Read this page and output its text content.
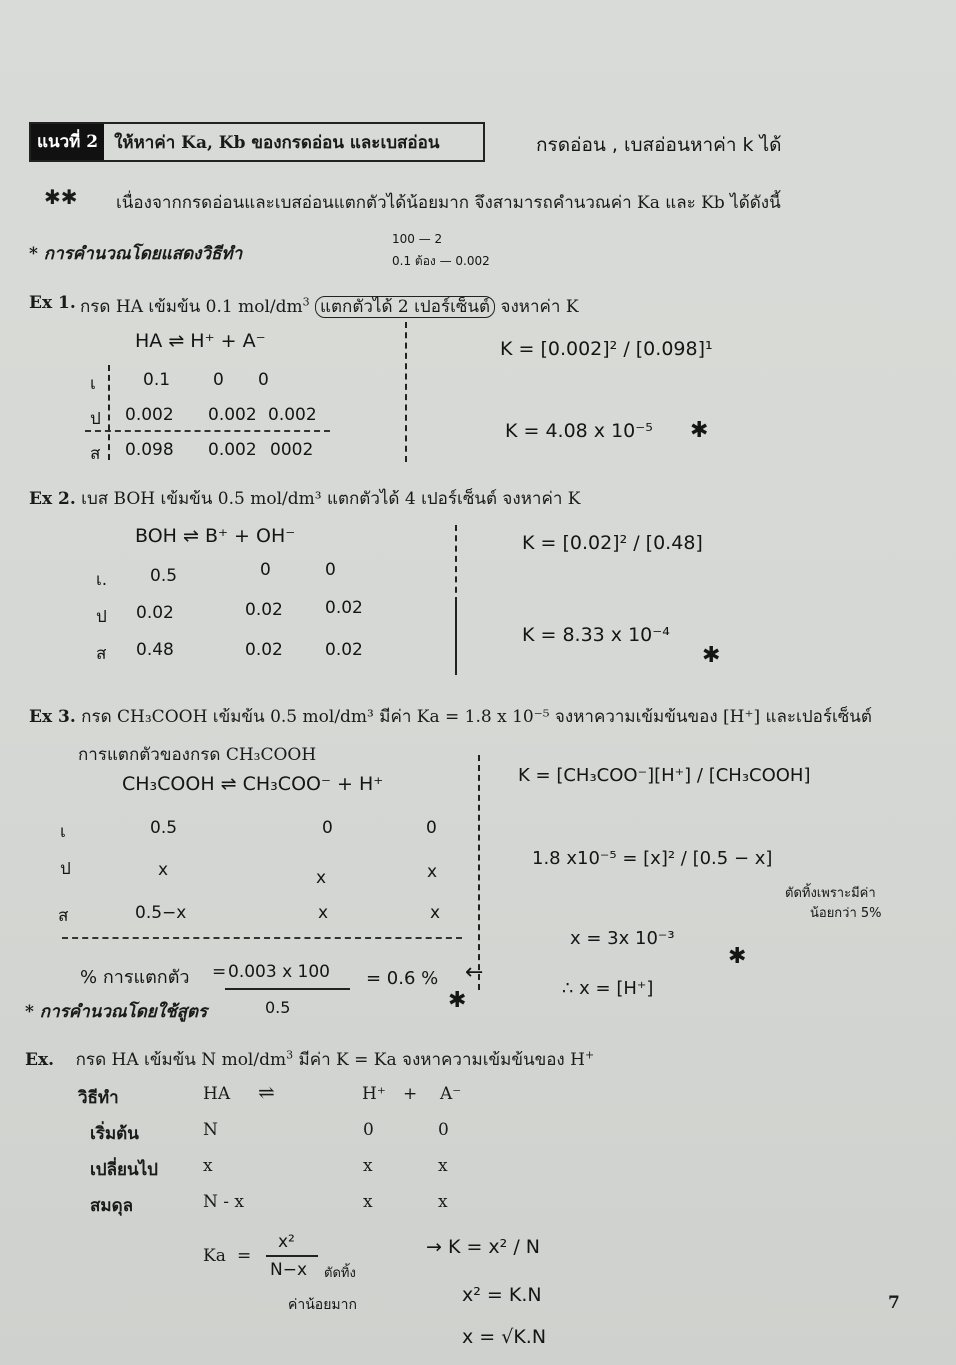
แนวที่ 2 ให้หาค่า Ka, Kb ของกรดอ่อน และเบสอ่อน	กรดอ่อน , เบสอ่อนหาค่า k ได้
✱✱ เนื่องจากกรดอ่อนและเบสอ่อนแตกตัวได้น้อยมาก จึงสามารถคำนวณค่า Ka และ Kb ได้ดังนี้
* การคำนวณโดยแสดงวิธีทำ
100 — 2
0.1 ต้อง — 0.002
Ex 1. กรด HA เข้มข้น 0.1 mol/$dm^3$ แตกตัวได้ 2 เปอร์เซ็นต์ จงหาค่า K
HA ⇌ H⁺ + A⁻
เ	0.1	0 0
ป 0.002 0.002 0.002
ส 0.098 0.002 0002
K = [0.002]² / [0.098]¹
K = 4.08 x 10⁻⁵ ✱
Ex 2. เบส BOH เข้มข้น 0.5 mol/dm³ แตกตัวได้ 4 เปอร์เซ็นต์ จงหาค่า K
BOH ⇌ B⁺ + OH⁻
เ.	0.5	0	0
ป 0.02	0.02 0.02
ส 0.48	0.02 0.02
K = [0.02]² / [0.48]
K = 8.33 x 10⁻⁴
✱
Ex 3. กรด CH₃COOH เข้มข้น 0.5 mol/dm³ มีค่า Ka = 1.8 x 10⁻⁵ จงหาความเข้มข้นของ [H⁺] และเปอร์เซ็นต์
การแตกตัวของกรด CH₃COOH
CH₃COOH ⇌ CH₃COO⁻ + H⁺
เ	0.5	0	0
ป	x	x	x
ส	0.5−x	x	x
K = [CH₃COO⁻][H⁺] / [CH₃COOH]
1.8 x10⁻⁵ = [x]² / [0.5 − x]
ตัดทิ้งเพราะมีค่า
น้อยกว่า 5%
x = 3x 10⁻³
✱
∴ x = [H⁺]
% การแตกตัว = 0.003 x 100
0.5
= 0.6 %
✱
←
* การคำนวณโดยใช้สูตร
Ex. กรด HA เข้มข้น N mol/$dm^3$ มีค่า K = Ka จงหาความเข้มข้นของ H+
วิธีทำ	HA ⇌	H⁺ + A⁻
เริ่มต้น	N	0	0
เปลี่ยนไป	x	x	x
สมดุล	N - x	x	x
Ka =
x²
N−x ตัดทิ้ง
ค่าน้อยมาก
→ K = x² / N
x² = K.N
x = √K.N
7
